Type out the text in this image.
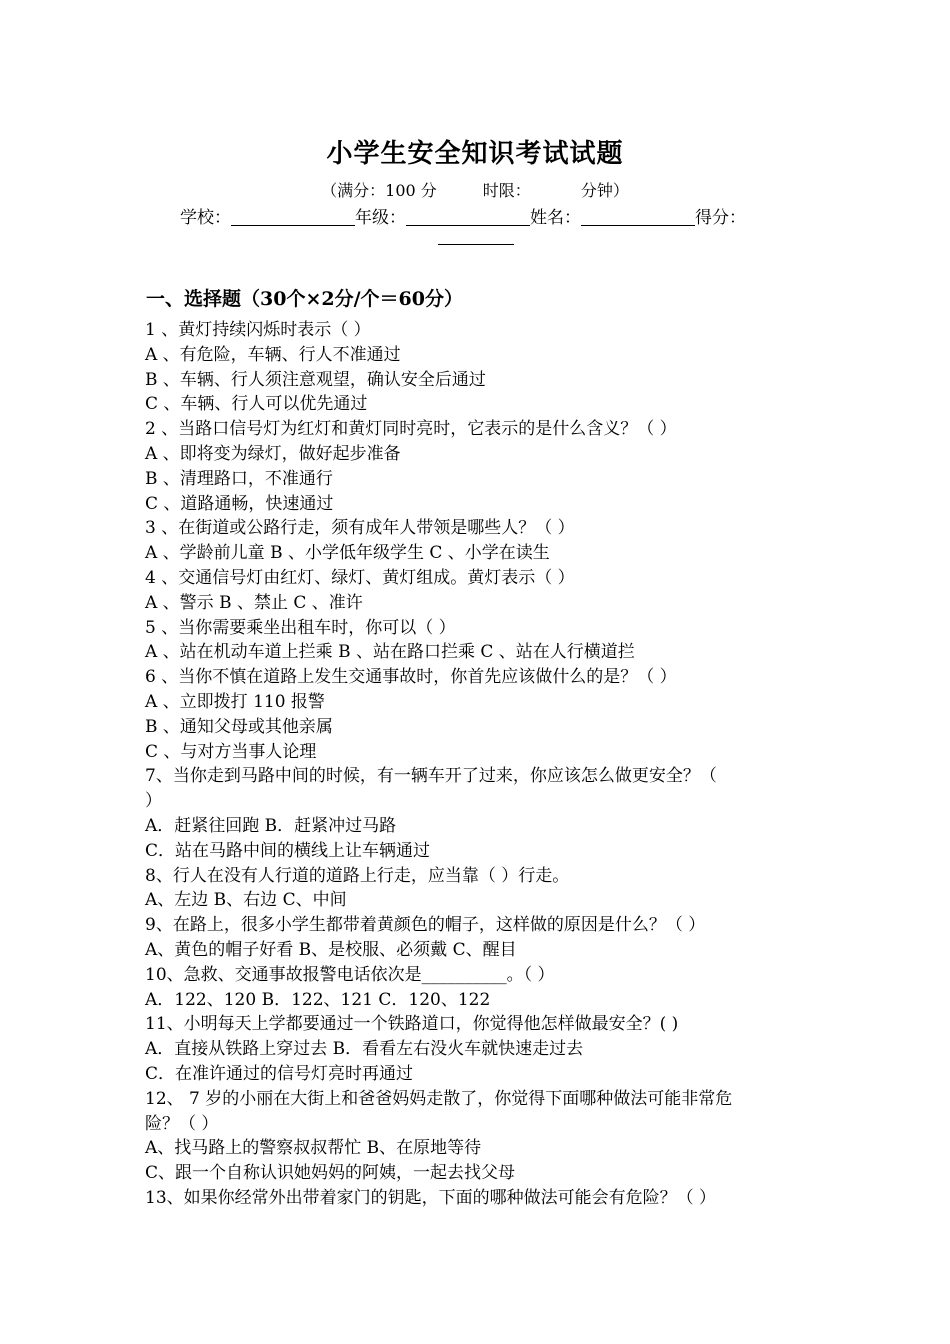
小学生安全知识考试试题
（满分：100 分	时限：	分钟）
学校：	年级：	姓名：	得分：
一、选择题（30个×2分/个＝60分）
1 、黄灯持续闪烁时表示（ ）
A 、有危险，车辆、行人不准通过
B 、车辆、行人须注意观望，确认安全后通过
C 、车辆、行人可以优先通过
2 、当路口信号灯为红灯和黄灯同时亮时，它表示的是什么含义？（ ）
A 、即将变为绿灯，做好起步准备
B 、清理路口，不准通行
C 、道路通畅，快速通过
3 、在街道或公路行走，须有成年人带领是哪些人？（ ）
A 、学龄前儿童 B 、小学低年级学生 C 、小学在读生
4 、交通信号灯由红灯、绿灯、黄灯组成。黄灯表示（ ）
A 、警示 B 、禁止 C 、准许
5 、当你需要乘坐出租车时，你可以（ ）
A 、站在机动车道上拦乘 B 、站在路口拦乘 C 、站在人行横道拦
6 、当你不慎在道路上发生交通事故时，你首先应该做什么的是？（ ）
A 、立即拨打 110 报警
B 、通知父母或其他亲属
C 、与对方当事人论理
7、当你走到马路中间的时候，有一辆车开了过来，你应该怎么做更安全？（
）
A．赶紧往回跑 B．赶紧冲过马路
C．站在马路中间的横线上让车辆通过
8、行人在没有人行道的道路上行走，应当靠（ ）行走。
A、左边 B、右边 C、中间
9、在路上，很多小学生都带着黄颜色的帽子，这样做的原因是什么？（ ）
A、黄色的帽子好看 B、是校服、必须戴 C、醒目
10、急救、交通事故报警电话依次是__________。（ ）
A．122、120 B．122、121 C．120、122
11、小明每天上学都要通过一个铁路道口，你觉得他怎样做最安全？( )
A．直接从铁路上穿过去 B．看看左右没火车就快速走过去
C．在准许通过的信号灯亮时再通过
12、 7 岁的小丽在大街上和爸爸妈妈走散了，你觉得下面哪种做法可能非常危
险？（ ）
A、找马路上的警察叔叔帮忙 B、在原地等待
C、跟一个自称认识她妈妈的阿姨，一起去找父母
13、如果你经常外出带着家门的钥匙，下面的哪种做法可能会有危险？（ ）
